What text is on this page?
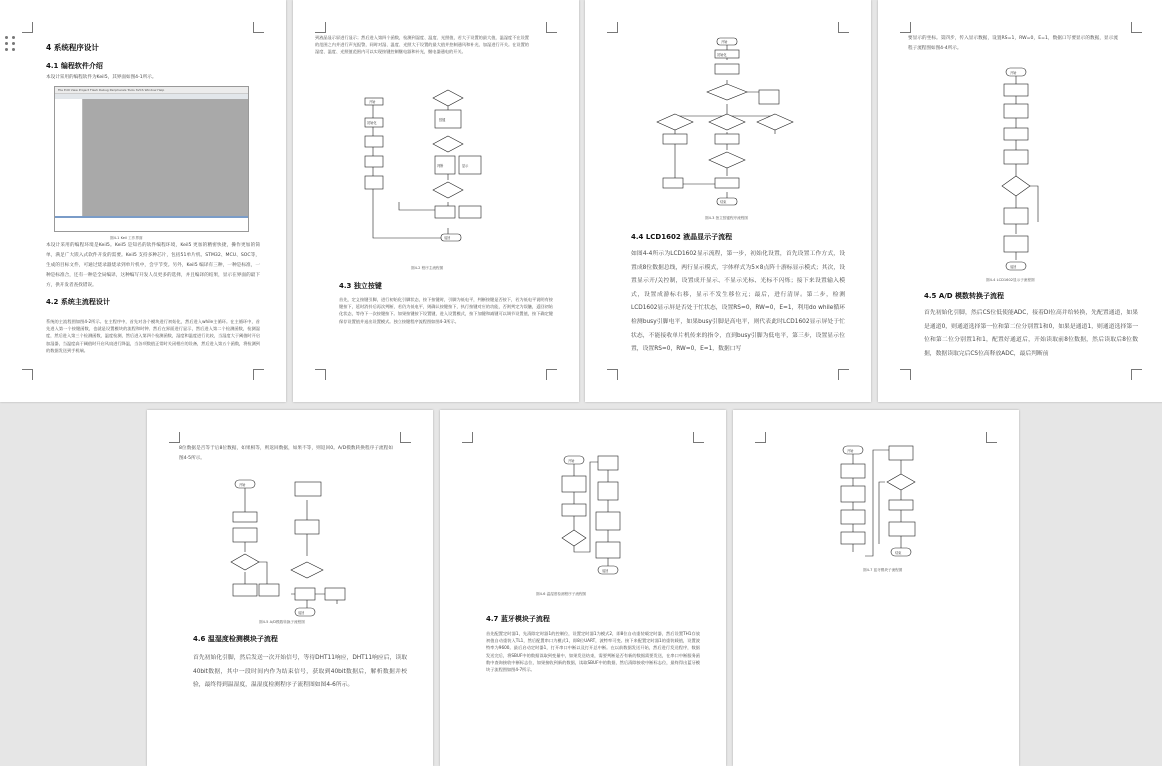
4 系统程序设计
4.1 编程软件介绍
本设计采用的编程软件为Keil5，其界面如图4-1所示。
File Edit View Project Flash Debug Peripherals Tools SVCS Window Help
图4-1 Keil 工作界面
本设计采用的编程环境是Keil5。Keil5 是知名的软件编程环境，Keil5 更加的精密快捷，操作更加的简单，满足广大嵌入式软件开发的需要。Keil5 支持多种芯片，包括51单片机、STM32、MCU、SOC等，生成的目标文件，可通过烧录器烧录到单片机中，会字节变。另外，Keil5 编译有三种，一种是标准，一种是标准合，还有一种是全局编译，这种编写开发人员更多的选择，并且编译的结果，显示在界面的最下方，供开发者查找错误。
4.2 系统主流程设计
系统的主流程图如图4-2所示。在主程序中，首先对各个模块进行初始化，然后进入while主循环。在主循环中，首先进入第一个按键函数，也就是设置模块的流程和时钟、然后在界面进行显示，然后进入第二个检测函数，检测湿度，然后进入第三个检测函数，温度检测，然后进入第四个检测函数，湿度和温度进行比较，当湿度大于阈值时开启加湿器，当温度高于阈值时开启风扇进行降温，当各项数值正常时关闭相应的设备，然后进入第五个函数，将检测到的数据发送到手机端。
到液晶显示屏进行显示；然后进入第四个函数，检测到湿度、温度、光照值，若大于设置的最大值，温湿度不在设置的范围之内并进行声光报警，同时对湿、温度、光照大于设置的最大值并控制通风和补光、加湿进行开关。在设置的湿度、温度、光照值范围内可以实现按键控制继电器和补光，继电器通电的开关。
开始
初始化
按键
判断	显示
返回
图4-2 程序主流程图
4.3 独立按键
首先，定义按键引脚，进行初始化引脚状态，按下按键时，引脚为低电平，判断按键是否按下，若为低电平说明有按键按下，延时消抖后再次判断，若仍为低电平，则确认按键按下，执行按键对应的功能，否则判定为误触，返回初始化状态，等待下一次按键按下。如果按键按下设置键，进入设置模式，按下加键和减键可以调节设置值，按下确定键保存设置值并退出设置模式。独立按键程序流程图如图4-3所示。
开始
初始化
结束
图4-3 独立按键程序流程图
4.4 LCD1602 液晶显示子流程
如图4-4所示为LCD1602显示流程，第一步，初始化设置，首先设置工作方式，设置成8位数据总线，两行显示模式，字体样式为5×8点阵十游标显示模式；其次，设置显示开/关控制，设置成开显示、不显示光标、光标不闪烁；接下来设置输入模式，设置成游标右移，显示不发生移位元；最后，进行清屏。第二步，检测LCD1602显示屏是否处于忙状态，设置RS=0，RW=0，E=1，利用do while循环检测busy引脚电平，如果busy引脚是高电平，则代表此时LCD1602显示屏处于忙状态，不能接收单片机传来的指令，直到busy引脚为低电平，第三步，设置显示位置，设置RS=0，RW=0，E=1，数据口写
要显示的坐标。第四步，传入显示数据，设置RS=1，RW=0，E=1，数据口写要显示的数据，显示流程子流程图如图4-4所示。
开始
返回
图4-4 LCD1602显示子流程图
4.5 A/D 模数转换子流程
首先初始化引脚，然后CS位低使能ADC，接着DI位高并给转换，先配置通道，如果是通道0，则通道选择第一位和第二位分别置1和0，如果是通道1，则通道选择第一位和第二位分别置1和1，配置好通道后，开始读取前8位数据，然后读取后8位数据，数据读取完后CS位高释放ADC，最后判断前
8位数据是否等于后8位数据，如果相等，则返回数据，如果不等，则返回0。A/D模数转换程序子流程如图4-5所示。
开始
返回
图4-5 A/D模数转换子流程图
4.6 温湿度检测模块子流程
首先初始化引脚，然后发送一次开始信号，等待DHT11响应，DHT11响应后，读取40bit数据，其中一段时间内作为结束信号，获取到40bit数据后，解析数据并校验，最终得到温湿度，温湿度检测程序子流程图如图4-6所示。
开始
返回
图4-6 温湿度检测程序子流程图
4.7 蓝牙模块子流程
首先配置定时器1，先清除定时器1的控制位，设置定时器1为模式2，即8位自动重装载定时器，然后设置TH1存放初值自动重装入TL1，然后配置串口为模式1，即8位UART，波特率可变。接下来配置定时器1的重装载值，设置波特率为9600。最后启动定时器1，打开串口中断以及打开总中断。在以前数据发送开始，然后进行发送程序，数据发送完后，将SBUF中的数据读取到变量中，如果发送结束，需要判断是否有新的数据需要发送，在串口中断服务函数中查询接收中断标志位，如果接收到新的数据，读取SBUF中的数据，然后清除接收中断标志位，最终得出蓝牙模块子流程图如图4-7所示。
开始
结束
图4-7 蓝牙模块子流程图
